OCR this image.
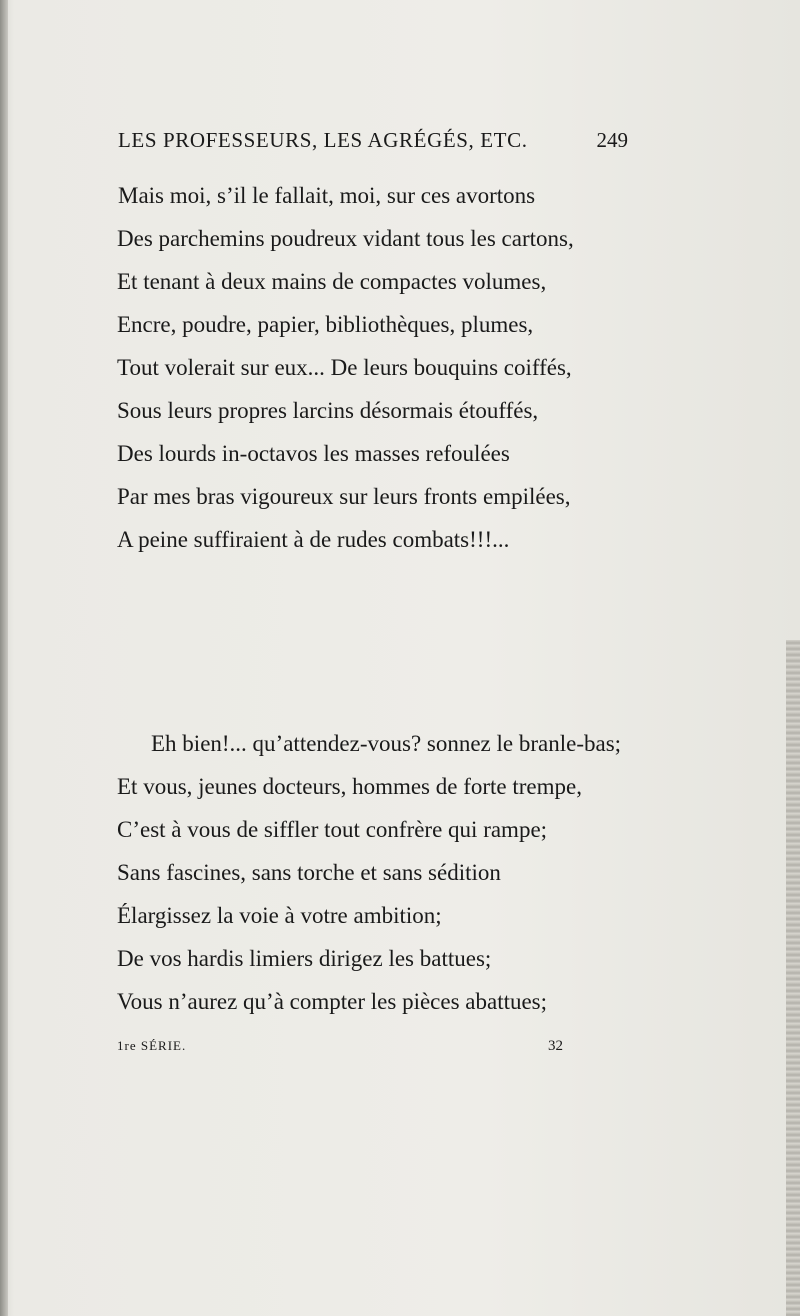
LES PROFESSEURS, LES AGRÉGÉS, ETC.	249
Mais moi, s’il le fallait, moi, sur ces avortons
Des parchemins poudreux vidant tous les cartons,
Et tenant à deux mains de compactes volumes,
Encre, poudre, papier, bibliothèques, plumes,
Tout volerait sur eux... De leurs bouquins coiffés,
Sous leurs propres larcins désormais étouffés,
Des lourds in-octavos les masses refoulées
Par mes bras vigoureux sur leurs fronts empilées,
A peine suffiraient à de rudes combats!!!...
Eh bien!... qu’attendez-vous? sonnez le branle-bas;
Et vous, jeunes docteurs, hommes de forte trempe,
C’est à vous de siffler tout confrère qui rampe;
Sans fascines, sans torche et sans sédition
Élargissez la voie à votre ambition;
De vos hardis limiers dirigez les battues;
Vous n’aurez qu’à compter les pièces abattues;
1re SÉRIE.	32
